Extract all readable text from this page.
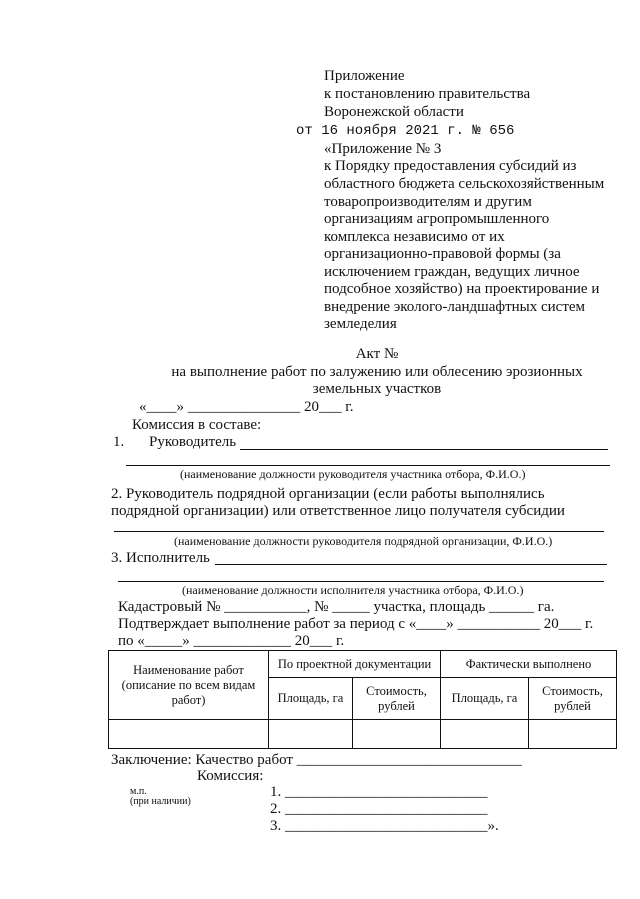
Приложение
к постановлению правительства
Воронежской области
от 16 ноября 2021 г. № 656
«Приложение № 3
к Порядку предоставления субсидий из
областного бюджета сельскохозяйственным
товаропроизводителям и другим
организациям агропромышленного
комплекса независимо от их
организационно-правовой формы (за
исключением граждан, ведущих личное
подсобное хозяйство) на проектирование и
внедрение эколого-ландшафтных систем
земледелия
Акт №
на выполнение работ по залужению или облесению эрозионных
земельных участков
«____» _______________ 20___ г.
Комиссия в составе:
1. Руководитель
(наименование должности руководителя участника отбора, Ф.И.О.)
2. Руководитель подрядной организации (если работы выполнялись
подрядной организации) или ответственное лицо получателя субсидии
(наименование должности руководителя подрядной организации, Ф.И.О.)
3. Исполнитель
(наименование должности исполнителя участника отбора, Ф.И.О.)
Кадастровый № ___________, № _____ участка, площадь ______ га.
Подтверждает выполнение работ за период с «____» ___________ 20___ г.
по «_____» _____________ 20___ г.
Наименование работ (описание по всем видам работ)	По проектной документации		Фактически выполнено	
	Площадь, га	Стоимость, рублей	Площадь, га	Стоимость, рублей

Заключение: Качество работ ______________________________
Комиссия:
м.п.
(при наличии)
1. ___________________________
2. ___________________________
3. ___________________________».
